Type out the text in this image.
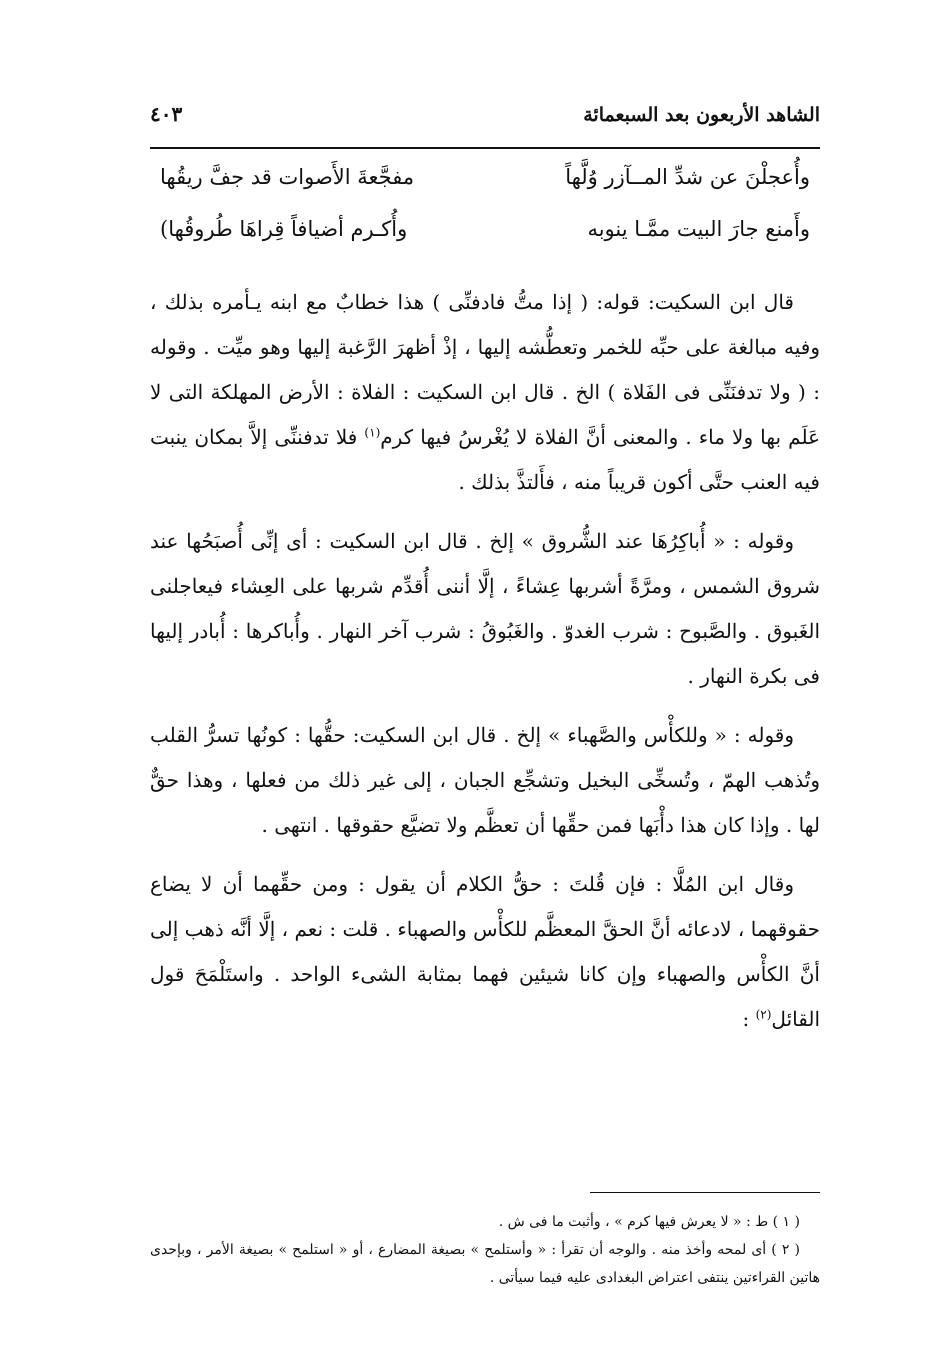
الشاهد الأربعون بعد السبعمائة
٤٠٣
وأُعجلْنَ عن شدِّ المــآزر وُلَّهاً
مفجَّعةَ الأَصوات قد جفَّ ريقُها
وأَمنع جارَ البيت ممَّـا ينوبه
وأُكـرم أضيافاً قِراهَا طُروقُها)

قال ابن السكيت: قوله: ( إذا متُّ فادفنِّى ) هذا خطابٌ مع ابنه يـأمره بذلك ، وفيه مبالغة على حبِّه للخمر وتعطُّشه إليها ، إذْ أظهرَ الرَّغبة إليها وهو ميِّت . وقوله : ( ولا تدفنَنِّى فى الفَلاة ) الخ . قال ابن السكيت : الفلاة : الأرض المهلكة التى لا عَلَم بها ولا ماء . والمعنى أنَّ الفلاة لا يُغْرسُ فيها كرم$^{(١)}$ فلا تدفننِّى إلاَّ بمكان ينبت فيه العنب حتَّى أكون قريباً منه ، فأَلتذَّ بذلك .

وقوله : « أُباكِرُهَا عند الشُّروق » إلخ . قال ابن السكيت : أى إنِّى أُصبَحُها عند شروق الشمس ، ومرَّةً أشربها عِشاءً ، إلَّا أننى أُقدِّم شربها على العِشاء فيعاجلنى الغَبوق . والصَّبوح : شرب الغدوّ . والغَبُوقُ : شرب آخر النهار . وأُباكرها : أُبادر إليها فى بكرة النهار .

وقوله : « وللكأْس والصَّهباء » إلخ . قال ابن السكيت: حقُّها : كونُها تسرُّ القلب وتُذهب الهمّ ، وتُسخِّى البخيل وتشجِّع الجبان ، إلى غير ذلك من فعلها ، وهذا حقٌّ لها . وإذا كان هذا دأْبَها فمن حقِّها أن تعظَّم ولا تضيَّع حقوقها . انتهى .

وقال ابن المُلَّا : فإن قُلتَ : حقُّ الكلام أن يقول : ومن حقِّهما أن لا يضاع حقوقهما ، لادعائه أنَّ الحقَّ المعظَّم للكأْس والصهباء . قلت : نعم ، إلَّا أنَّه ذهب إلى أنَّ الكأْس والصهباء وإن كانا شيئين فهما بمثابة الشىء الواحد . واستَلْمَحَ قول القائل$^{(٢)}$ :

( ١ ) ط : « لا يعرش فيها كرم » ، وأثبت ما فى ش .

( ٢ ) أى لمحه وأخذ منه . والوجه أن تقرأ : « وأستلمح » بصيغة المضارع ، أو « استلمح » بصيغة الأمر ، وبإحدى هاتين القراءتين ينتفى اعتراض البغدادى عليه فيما سيأتى .
